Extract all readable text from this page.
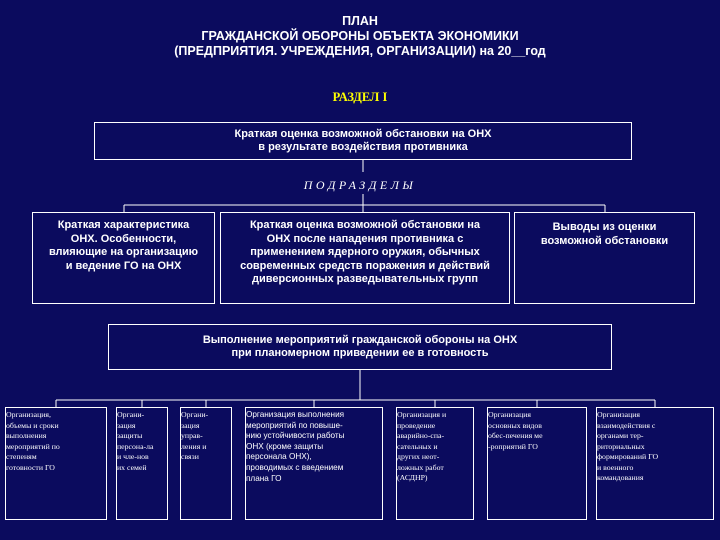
ПЛАН
ГРАЖДАНСКОЙ ОБОРОНЫ ОБЪЕКТА ЭКОНОМИКИ
(ПРЕДПРИЯТИЯ. УЧРЕЖДЕНИЯ, ОРГАНИЗАЦИИ) на 20__год
РАЗДЕЛ I
Краткая оценка возможной обстановки на ОНХ
в результате воздействия противника
ПОДРАЗДЕЛЫ
Краткая характеристика
ОНХ. Особенности,
влияющие на организацию
и ведение ГО на ОНХ
Краткая оценка возможной обстановки на
ОНХ после нападения противника с
применением ядерного оружия, обычных
современных средств поражения и действий
диверсионных разведывательных групп
Выводы из оценки
возможной обстановки
Выполнение мероприятий гражданской обороны на ОНХ
при планомерном приведении ее в готовность
Организация,
объемы и сроки
выполнения
мероприятий по
степеням
готовности ГО
Органи-
зация
защиты
персона-ла
и чле-нов
их семей
Органи-
зация
управ-
ления и
связи
Организация выполнения
мероприятий по повыше-
нию устойчивости работы
ОНХ (кроме защиты
персонала ОНХ),
проводимых с введением
плана ГО
Организация и
проведение
аварийно-спа-
сательных и
других неот-
ложных работ
(АСДНР)
Организация
основных видов
обес-печения ме
-роприятий ГО
Организация
взаимодействия с
органами тер-
риториальных
формирований ГО
и военного
командования
